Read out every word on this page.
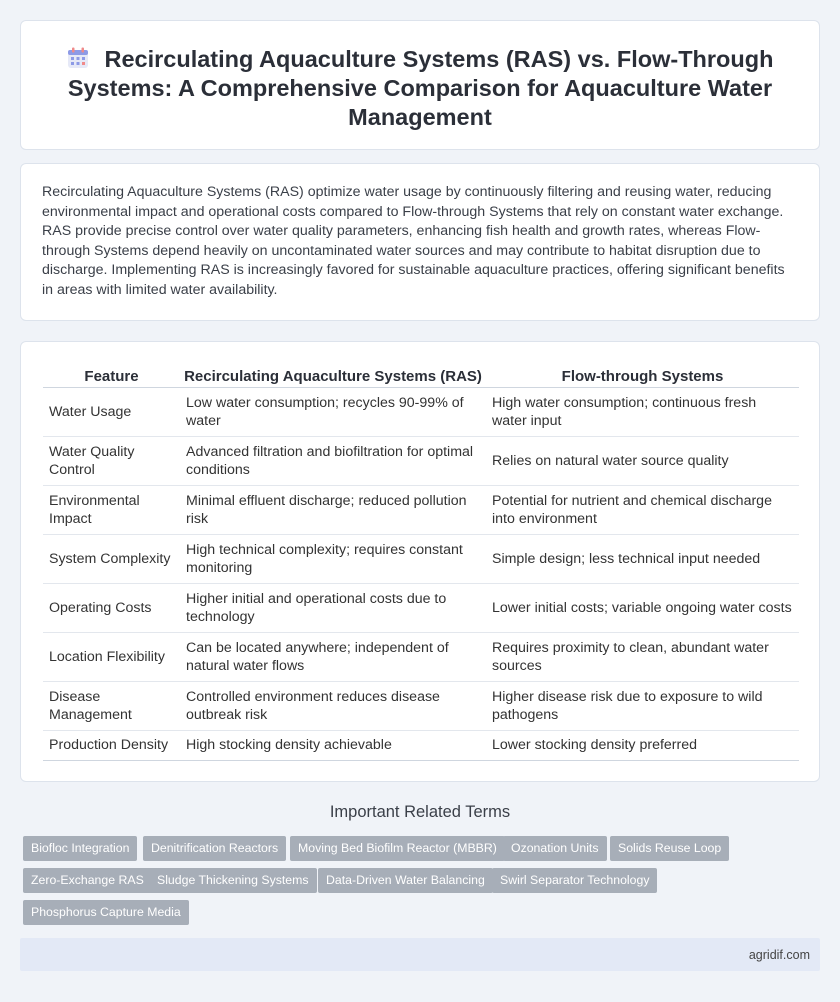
Recirculating Aquaculture Systems (RAS) vs. Flow-Through Systems: A Comprehensive Comparison for Aquaculture Water Management

Recirculating Aquaculture Systems (RAS) optimize water usage by continuously filtering and reusing water, reducing environmental impact and operational costs compared to Flow-through Systems that rely on constant water exchange. RAS provide precise control over water quality parameters, enhancing fish health and growth rates, whereas Flow-through Systems depend heavily on uncontaminated water sources and may contribute to habitat disruption due to discharge. Implementing RAS is increasingly favored for sustainable aquaculture practices, offering significant benefits in areas with limited water availability.

Feature	Recirculating Aquaculture Systems (RAS)	Flow-through Systems
Water Usage	Low water consumption; recycles 90-99% of water	High water consumption; continuous fresh water input
Water Quality Control	Advanced filtration and biofiltration for optimal conditions	Relies on natural water source quality
Environmental Impact	Minimal effluent discharge; reduced pollution risk	Potential for nutrient and chemical discharge into environment
System Complexity	High technical complexity; requires constant monitoring	Simple design; less technical input needed
Operating Costs	Higher initial and operational costs due to technology	Lower initial costs; variable ongoing water costs
Location Flexibility	Can be located anywhere; independent of natural water flows	Requires proximity to clean, abundant water sources
Disease Management	Controlled environment reduces disease outbreak risk	Higher disease risk due to exposure to wild pathogens
Production Density	High stocking density achievable	Lower stocking density preferred
Important Related Terms
Biofloc Integration	Denitrification Reactors	Moving Bed Biofilm Reactor (MBBR)	Ozonation Units	Solids Reuse Loop
Zero-Exchange RAS	Sludge Thickening Systems	Data-Driven Water Balancing	Swirl Separator Technology
Phosphorus Capture Media
agridif.com
